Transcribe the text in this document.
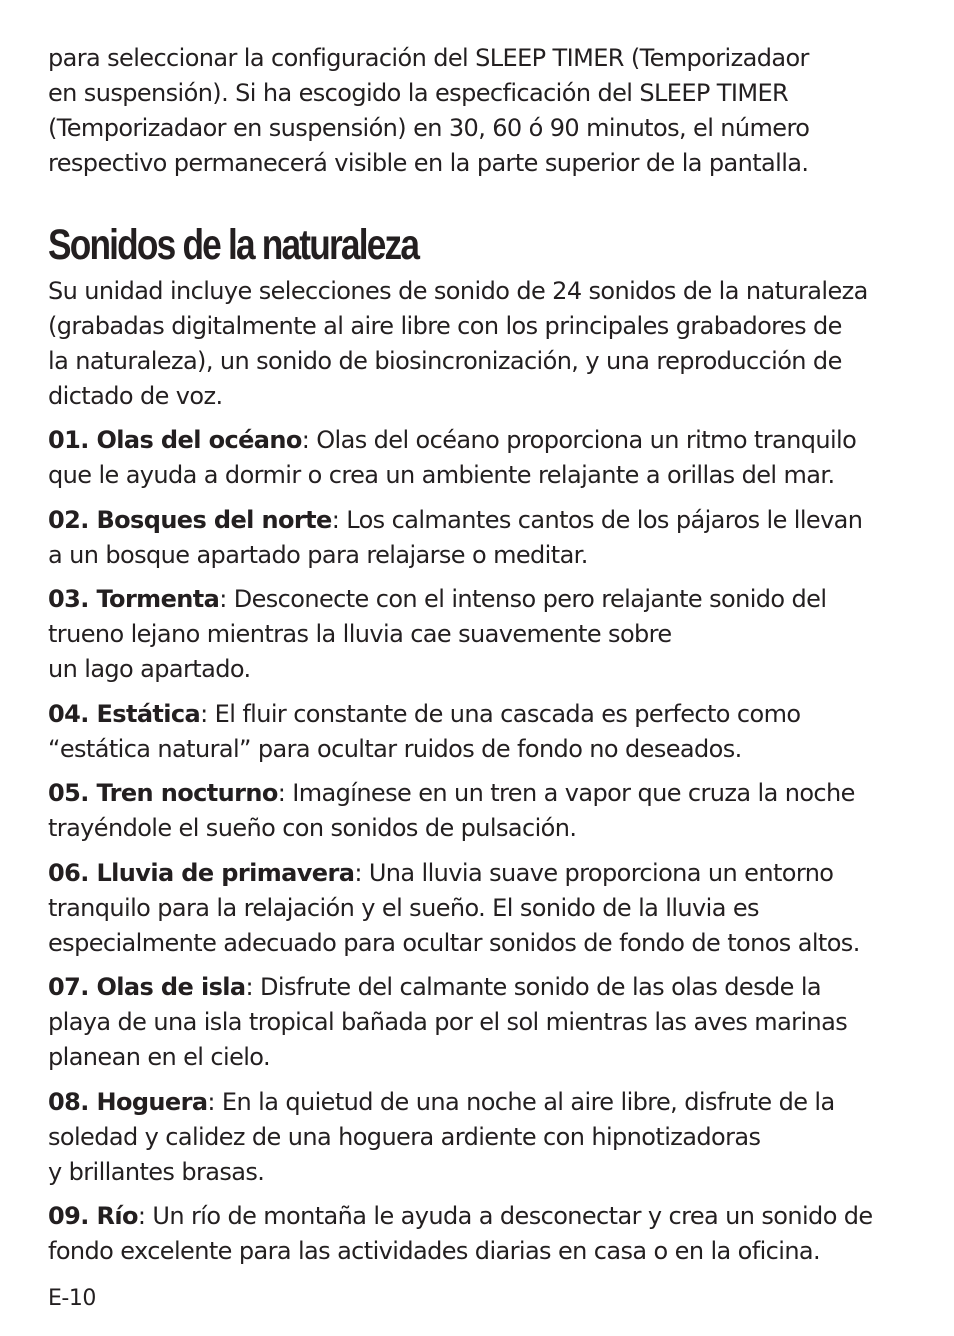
para seleccionar la configuración del SLEEP TIMER (Temporizadaor
en suspensión). Si ha escogido la especficación del SLEEP TIMER
(Temporizadaor en suspensión) en 30, 60 ó 90 minutos, el número
respectivo permanecerá visible en la parte superior de la pantalla.

Sonidos de la naturaleza

Su unidad incluye selecciones de sonido de 24 sonidos de la naturaleza
(grabadas digitalmente al aire libre con los principales grabadores de
la naturaleza), un sonido de biosincronización, y una reproducción de
dictado de voz.

01. Olas del océano: Olas del océano proporciona un ritmo tranquilo
que le ayuda a dormir o crea un ambiente relajante a orillas del mar.

02. Bosques del norte: Los calmantes cantos de los pájaros le llevan
a un bosque apartado para relajarse o meditar.

03. Tormenta: Desconecte con el intenso pero relajante sonido del
trueno lejano mientras la lluvia cae suavemente sobre
un lago apartado.

04. Estática: El fluir constante de una cascada es perfecto como
“estática natural” para ocultar ruidos de fondo no deseados.

05. Tren nocturno: Imagínese en un tren a vapor que cruza la noche
trayéndole el sueño con sonidos de pulsación.

06. Lluvia de primavera: Una lluvia suave proporciona un entorno
tranquilo para la relajación y el sueño. El sonido de la lluvia es
especialmente adecuado para ocultar sonidos de fondo de tonos altos.

07. Olas de isla: Disfrute del calmante sonido de las olas desde la
playa de una isla tropical bañada por el sol mientras las aves marinas
planean en el cielo.

08. Hoguera: En la quietud de una noche al aire libre, disfrute de la
soledad y calidez de una hoguera ardiente con hipnotizadoras
y brillantes brasas.

09. Río: Un río de montaña le ayuda a desconectar y crea un sonido de
fondo excelente para las actividades diarias en casa o en la oficina.

E-10
